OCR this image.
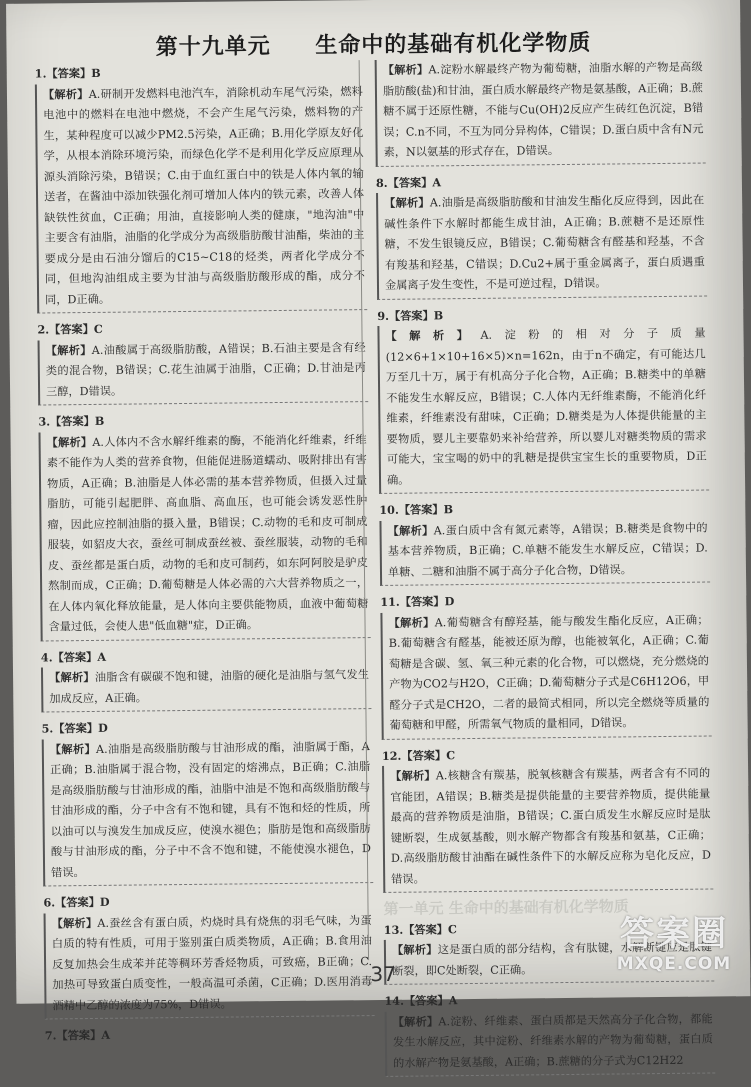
第十九单元 生命中的基础有机化学物质
1.【答案】B
【解析】A.研制开发燃料电池汽车，消除机动车尾气污染，燃料电池中的燃料在电池中燃烧，不会产生尾气污染，燃料物的产生，某种程度可以减少PM2.5污染，A正确；B.用化学原友好化学，从根本消除环境污染，而绿色化学不是利用化学反应原理从源头消除污染，B错误；C.由于血红蛋白中的铁是人体内氧的输送者，在酱油中添加铁强化剂可增加人体内的铁元素，改善人体缺铁性贫血，C正确；用油，直接影响人类的健康，"地沟油"中主要含有油脂，油脂的化学成分为高级脂肪酸甘油酯，柴油的主要成分是由石油分馏后的C15~C18的烃类，两者化学成分不同，但地沟油组成主要为甘油与高级脂肪酸形成的酯，成分不同，D正确。
2.【答案】C
【解析】A.油酸属于高级脂肪酸，A错误；B.石油主要是含有经类的混合物，B错误；C.花生油属于油脂，C正确；D.甘油是丙三醇，D错误。
3.【答案】B
【解析】A.人体内不含水解纤维素的酶，不能消化纤维素，纤维素不能作为人类的营养食物，但能促进肠道蠕动、吸附排出有害物质，A正确；B.油脂是人体必需的基本营养物质，但摄入过量脂肪，可能引起肥胖、高血脂、高血压，也可能会诱发恶性肿瘤，因此应控制油脂的摄入量，B错误；C.动物的毛和皮可制成服装，如貂皮大衣，蚕丝可制成蚕丝被、蚕丝服装，动物的毛和皮、蚕丝都是蛋白质，动物的毛和皮可制药，如东阿阿胶是驴皮熬制而成，C正确；D.葡萄糖是人体必需的六大营养物质之一，在人体内氧化释放能量，是人体向主要供能物质，血液中葡萄糖含量过低，会使人患"低血糖"症，D正确。
4.【答案】A
【解析】油脂含有碳碳不饱和键，油脂的硬化是油脂与氢气发生加成反应，A正确。
5.【答案】D
【解析】A.油脂是高级脂肪酸与甘油形成的酯，油脂属于酯，A正确；B.油脂属于混合物，没有固定的熔沸点，B正确；C.油脂是高级脂肪酸与甘油形成的酯，油脂中油是不饱和高级脂肪酸与甘油形成的酯，分子中含有不饱和键，具有不饱和烃的性质，所以油可以与溴发生加成反应，使溴水褪色；脂肪是饱和高级脂肪酸与甘油形成的酯，分子中不含不饱和键，不能使溴水褪色，D错误。
6.【答案】D
【解析】A.蚕丝含有蛋白质，灼烧时具有烧焦的羽毛气味，为蛋白质的特有性质，可用于鉴别蛋白质类物质，A正确；B.食用油反复加热会生成苯并芘等稠环芳香烃物质，可致癌，B正确；C.加热可导致蛋白质变性，一般高温可杀菌，C正确；D.医用消毒酒精中乙醇的浓度为75%，D错误。
7.【答案】A
【解析】A.淀粉水解最终产物为葡萄糖，油脂水解的产物是高级脂肪酸(盐)和甘油，蛋白质水解最终产物是氨基酸，A正确；B.蔗糖不属于还原性糖，不能与Cu(OH)2反应产生砖红色沉淀，B错误；C.n不同，不互为同分异构体，C错误；D.蛋白质中含有N元素，N以氨基的形式存在，D错误。
8.【答案】A
【解析】A.油脂是高级脂肪酸和甘油发生酯化反应得到，因此在碱性条件下水解时都能生成甘油，A正确；B.蔗糖不是还原性糖，不发生银镜反应，B错误；C.葡萄糖含有醛基和羟基，不含有羧基和羟基，C错误；D.Cu2+属于重金属离子，蛋白质遇重金属离子发生变性，不是可逆过程，D错误。
9.【答案】B
【解析】A.淀粉的相对分子质量(12×6+1×10+16×5)×n=162n，由于n不确定，有可能达几万至几十万，属于有机高分子化合物，A正确；B.糖类中的单糖不能发生水解反应，B错误；C.人体内无纤维素酶，不能消化纤维素，纤维素没有甜味，C正确；D.糖类是为人体提供能量的主要物质，婴儿主要靠奶来补给营养，所以婴儿对糖类物质的需求可能大，宝宝喝的奶中的乳糖是提供宝宝生长的重要物质，D正确。
10.【答案】B
【解析】A.蛋白质中含有氮元素等，A错误；B.糖类是食物中的基本营养物质，B正确；C.单糖不能发生水解反应，C错误；D.单糖、二糖和油脂不属于高分子化合物，D错误。
11.【答案】D
【解析】A.葡萄糖含有醇羟基，能与酸发生酯化反应，A正确；B.葡萄糖含有醛基，能被还原为醇，也能被氧化，A正确；C.葡萄糖是含碳、氢、氧三种元素的化合物，可以燃烧，充分燃烧的产物为CO2与H2O，C正确；D.葡萄糖分子式是C6H12O6，甲醛分子式是CH2O，二者的最简式相同，所以完全燃烧等质量的葡萄糖和甲醛，所需氧气物质的量相同，D错误。
12.【答案】C
【解析】A.核糖含有羰基，脱氧核糖含有羰基，两者含有不同的官能团，A错误；B.糖类是提供能量的主要营养物质，提供能量最高的营养物质是油脂，B错误；C.蛋白质发生水解反应时是肽键断裂，生成氨基酸，则水解产物都含有羧基和氨基，C正确；D.高级脂肪酸甘油酯在碱性条件下的水解反应称为皂化反应，D错误。
第一单元 生命中的基础有机化学物质
13.【答案】C
【解析】这是蛋白质的部分结构，含有肽键，水解断键应是肽键断裂，即C处断裂，C正确。
14.【答案】A
【解析】A.淀粉、纤维素、蛋白质都是天然高分子化合物，都能发生水解反应，其中淀粉、纤维素水解的产物为葡萄糖，蛋白质的水解产物是氨基酸，A正确；B.蔗糖的分子式为C12H22
37
答案圈
MXQE.COM
